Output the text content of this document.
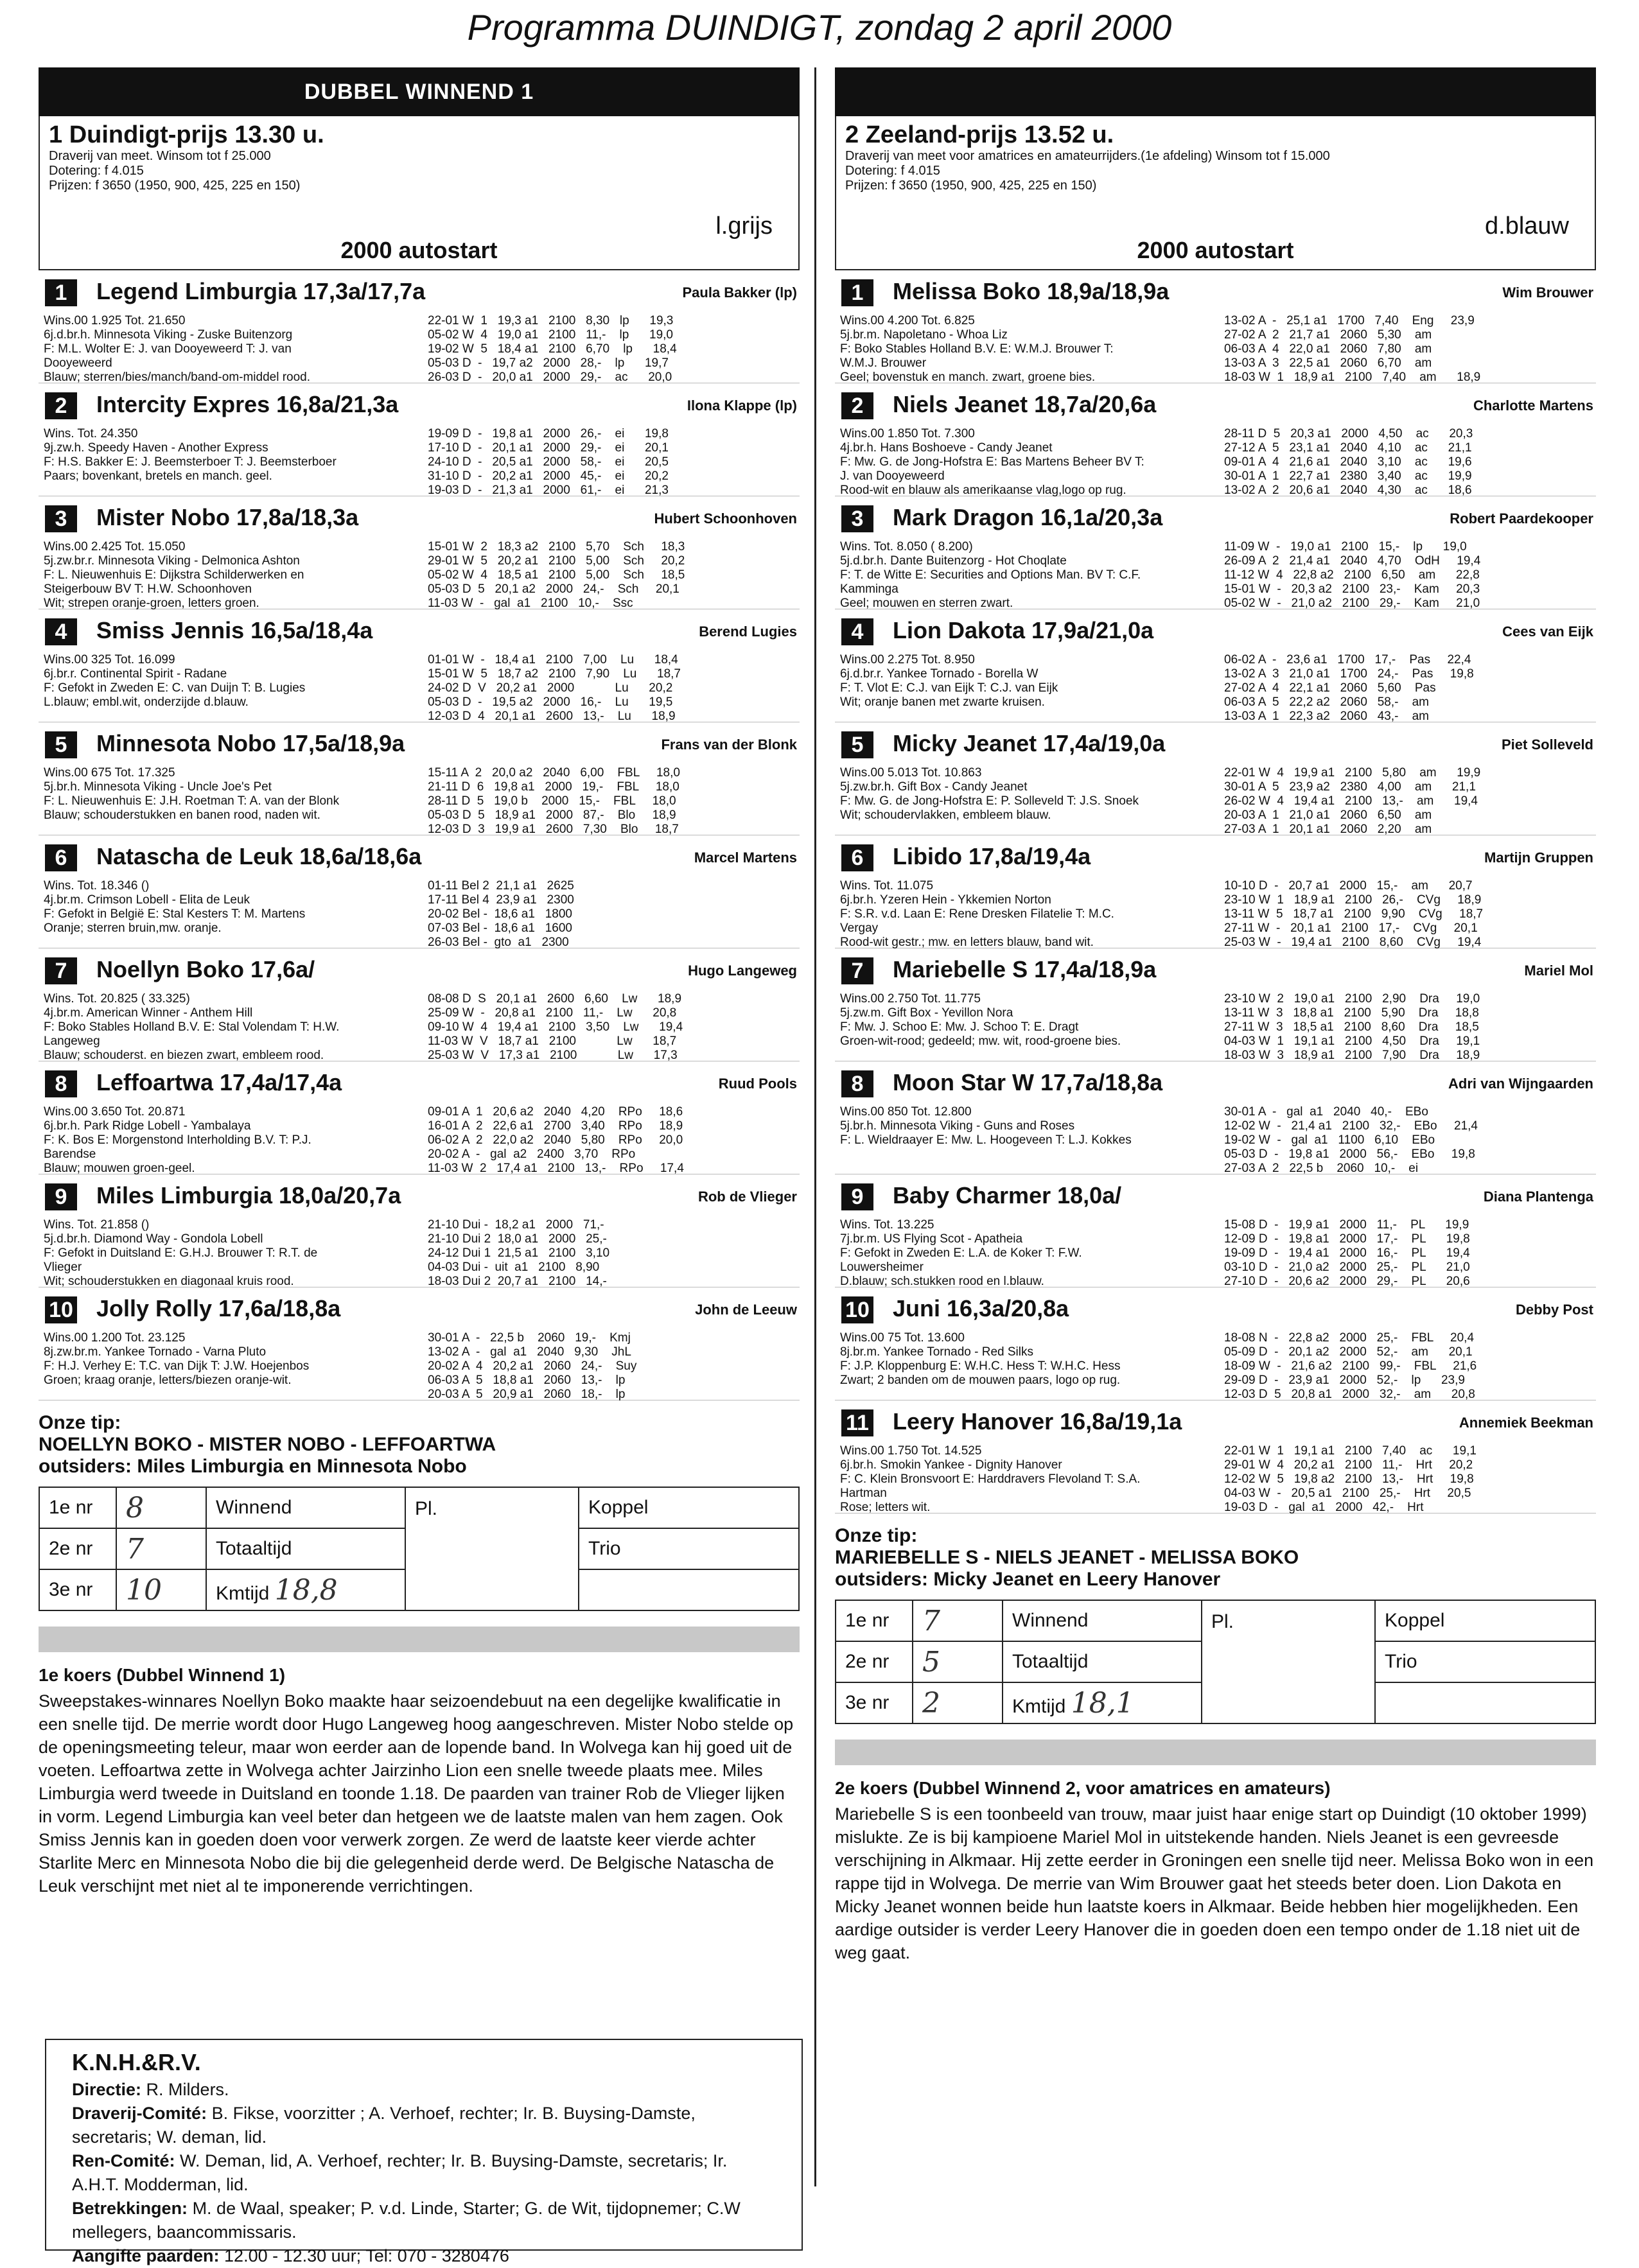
Programma DUINDIGT, zondag 2 april 2000
DUBBEL WINNEND 1
1 Duindigt-prijs 13.30 u.
Draverij van meet. Winsom tot f 25.000
Dotering: f 4.015
Prijzen: f 3650 (1950, 900, 425, 225 en 150)
l.grijs
2000 autostart
1	Legend Limburgia 17,3a/17,7a	Paula Bakker (lp)
Wins.00 1.925 Tot. 21.650
6j.d.br.h. Minnesota Viking - Zuske Buitenzorg
F: M.L. Wolter E: J. van Dooyeweerd T: J. van
Dooyeweerd
Blauw; sterren/bies/manch/band-om-middel rood.
22-01 W  1   19,3 a1   2100   8,30   lp      19,3
05-02 W  4   19,0 a1   2100   11,-    lp      19,0
19-02 W  5   18,4 a1   2100   6,70    lp      18,4
05-03 D  -   19,7 a2   2000   28,-    lp      19,7
26-03 D  -   20,0 a1   2000   29,-    ac      20,0
2	Intercity Expres 16,8a/21,3a	Ilona Klappe (lp)
Wins. Tot. 24.350
9j.zw.h. Speedy Haven - Another Express
F: H.S. Bakker E: J. Beemsterboer T: J. Beemsterboer
Paars; bovenkant, bretels en manch. geel.
19-09 D  -   19,8 a1   2000   26,-    ei      19,8
17-10 D  -   20,1 a1   2000   29,-    ei      20,1
24-10 D  -   20,5 a1   2000   58,-    ei      20,5
31-10 D  -   20,2 a1   2000   45,-    ei      20,2
19-03 D  -   21,3 a1   2000   61,-    ei      21,3
3	Mister Nobo 17,8a/18,3a	Hubert Schoonhoven
Wins.00 2.425 Tot. 15.050
5j.zw.br.r. Minnesota Viking - Delmonica Ashton
F: L. Nieuwenhuis E: Dijkstra Schilderwerken en
Steigerbouw BV T: H.W. Schoonhoven
Wit; strepen oranje-groen, letters groen.
15-01 W  2   18,3 a2   2100   5,70    Sch     18,3
29-01 W  5   20,2 a1   2100   5,00    Sch     20,2
05-02 W  4   18,5 a1   2100   5,00    Sch     18,5
05-03 D  5   20,1 a2   2000   24,-    Sch     20,1
11-03 W  -   gal  a1   2100   10,-    Ssc
4	Smiss Jennis 16,5a/18,4a	Berend Lugies
Wins.00 325 Tot. 16.099
6j.br.r. Continental Spirit - Radane
F: Gefokt in Zweden E: C. van Duijn T: B. Lugies
L.blauw; embl.wit, onderzijde d.blauw.
01-01 W  -   18,4 a1   2100   7,00    Lu      18,4
15-01 W  5   18,7 a2   2100   7,90    Lu      18,7
24-02 D  V   20,2 a1   2000            Lu      20,2
05-03 D  -   19,5 a2   2000   16,-    Lu      19,5
12-03 D  4   20,1 a1   2600   13,-    Lu      18,9
5	Minnesota Nobo 17,5a/18,9a	Frans van der Blonk
Wins.00 675 Tot. 17.325
5j.br.h. Minnesota Viking - Uncle Joe's Pet
F: L. Nieuwenhuis E: J.H. Roetman T: A. van der Blonk
Blauw; schouderstukken en banen rood, naden wit.
15-11 A  2   20,0 a2   2040   6,00    FBL     18,0
21-11 D  6   19,8 a1   2000   19,-    FBL     18,0
28-11 D  5   19,0 b    2000   15,-    FBL     18,0
05-03 D  5   18,9 a1   2000   87,-    Blo     18,9
12-03 D  3   19,9 a1   2600   7,30    Blo     18,7
6	Natascha de Leuk 18,6a/18,6a	Marcel Martens
Wins. Tot. 18.346 ()
4j.br.m. Crimson Lobell - Elita de Leuk
F: Gefokt in België E: Stal Kesters T: M. Martens
Oranje; sterren bruin,mw. oranje.
01-11 Bel 2  21,1 a1   2625
17-11 Bel 4  23,9 a1   2300
20-02 Bel -  18,6 a1   1800
07-03 Bel -  18,6 a1   1600
26-03 Bel -  gto  a1   2300
7	Noellyn Boko 17,6a/	Hugo Langeweg
Wins. Tot. 20.825 ( 33.325)
4j.br.m. American Winner - Anthem Hill
F: Boko Stables Holland B.V. E: Stal Volendam T: H.W.
Langeweg
Blauw; schouderst. en biezen zwart, embleem rood.
08-08 D  S   20,1 a1   2600   6,60    Lw      18,9
25-09 W  -   20,8 a1   2100   11,-    Lw      20,8
09-10 W  4   19,4 a1   2100   3,50    Lw      19,4
11-03 W  V   18,7 a1   2100            Lw      18,7
25-03 W  V   17,3 a1   2100            Lw      17,3
8	Leffoartwa 17,4a/17,4a	Ruud Pools
Wins.00 3.650 Tot. 20.871
6j.br.h. Park Ridge Lobell - Yambalaya
F: K. Bos E: Morgenstond Interholding B.V. T: P.J.
Barendse
Blauw; mouwen groen-geel.
09-01 A  1   20,6 a2   2040   4,20    RPo     18,6
16-01 A  2   22,6 a1   2700   3,40    RPo     18,9
06-02 A  2   22,0 a2   2040   5,80    RPo     20,0
20-02 A  -   gal  a2   2400   3,70    RPo
11-03 W  2   17,4 a1   2100   13,-    RPo     17,4
9	Miles Limburgia 18,0a/20,7a	Rob de Vlieger
Wins. Tot. 21.858 ()
5j.d.br.h. Diamond Way - Gondola Lobell
F: Gefokt in Duitsland E: G.H.J. Brouwer T: R.T. de
Vlieger
Wit; schouderstukken en diagonaal kruis rood.
21-10 Dui -  18,2 a1   2000   71,-
21-10 Dui 2  18,0 a1   2000   25,-
24-12 Dui 1  21,5 a1   2100   3,10
04-03 Dui -  uit  a1   2100   8,90
18-03 Dui 2  20,7 a1   2100   14,-
10 Jolly Rolly 17,6a/18,8a	John de Leeuw
Wins.00 1.200 Tot. 23.125
8j.zw.br.m. Yankee Tornado - Varna Pluto
F: H.J. Verhey E: T.C. van Dijk T: J.W. Hoejenbos
Groen; kraag oranje, letters/biezen oranje-wit.
30-01 A  -   22,5 b    2060   19,-    Kmj
13-02 A  -   gal  a1   2040   9,30    JhL
20-02 A  4   20,2 a1   2060   24,-    Suy
06-03 A  5   18,8 a1   2060   13,-    lp
20-03 A  5   20,9 a1   2060   18,-    lp
Onze tip:
NOELLYN BOKO - MISTER NOBO - LEFFOARTWA
outsiders: Miles Limburgia en Minnesota Nobo
1e nr	8	Winnend	Pl.	Koppel
2e nr	7	Totaaltijd		Trio
3e nr	10	Kmtijd 18,8		
1e koers (Dubbel Winnend 1)
Sweepstakes-winnares Noellyn Boko maakte haar seizoendebuut na een degelijke kwalificatie in een snelle tijd. De merrie wordt door Hugo Langeweg hoog aangeschreven. Mister Nobo stelde op de openingsmeeting teleur, maar won eerder aan de lopende band. In Wolvega kan hij goed uit de voeten. Leffoartwa zette in Wolvega achter Jairzinho Lion een snelle tweede plaats mee. Miles Limburgia werd tweede in Duitsland en toonde 1.18. De paarden van trainer Rob de Vlieger lijken in vorm. Legend Limburgia kan veel beter dan hetgeen we de laatste malen van hem zagen. Ook Smiss Jennis kan in goeden doen voor verwerk zorgen. Ze werd de laatste keer vierde achter Starlite Merc en Minnesota Nobo die bij die gelegenheid derde werd. De Belgische Natascha de Leuk verschijnt met niet al te imponerende verrichtingen.
2 Zeeland-prijs 13.52 u.
Draverij van meet voor amatrices en amateurrijders.(1e afdeling) Winsom tot f 15.000
Dotering: f 4.015
Prijzen: f 3650 (1950, 900, 425, 225 en 150)
d.blauw
2000 autostart
1	Melissa Boko 18,9a/18,9a	Wim Brouwer
Wins.00 4.200 Tot. 6.825
5j.br.m. Napoletano - Whoa Liz
F: Boko Stables Holland B.V. E: W.M.J. Brouwer T:
W.M.J. Brouwer
Geel; bovenstuk en manch. zwart, groene bies.
13-02 A  -   25,1 a1   1700   7,40    Eng     23,9
27-02 A  2   21,7 a1   2060   5,30    am
06-03 A  4   22,0 a1   2060   7,80    am
13-03 A  3   22,5 a1   2060   6,70    am
18-03 W  1   18,9 a1   2100   7,40    am      18,9
2	Niels Jeanet 18,7a/20,6a	Charlotte Martens
Wins.00 1.850 Tot. 7.300
4j.br.h. Hans Boshoeve - Candy Jeanet
F: Mw. G. de Jong-Hofstra E: Bas Martens Beheer BV T:
J. van Dooyeweerd
Rood-wit en blauw als amerikaanse vlag,logo op rug.
28-11 D  5   20,3 a1   2000   4,50    ac      20,3
27-12 A  5   23,1 a1   2040   4,10    ac      21,1
09-01 A  4   21,6 a1   2040   3,10    ac      19,6
30-01 A  1   22,7 a1   2380   3,40    ac      19,9
13-02 A  2   20,6 a1   2040   4,30    ac      18,6
3	Mark Dragon 16,1a/20,3a	Robert Paardekooper
Wins. Tot. 8.050 ( 8.200)
5j.d.br.h. Dante Buitenzorg - Hot Choqlate
F: T. de Witte E: Securities and Options Man. BV T: C.F.
Kamminga
Geel; mouwen en sterren zwart.
11-09 W  -   19,0 a1   2100   15,-    lp      19,0
26-09 A  2   21,4 a1   2040   4,70    OdH     19,4
11-12 W  4   22,8 a2   2100   6,50    am      22,8
15-01 W  -   20,3 a2   2100   23,-    Kam     20,3
05-02 W  -   21,0 a2   2100   29,-    Kam     21,0
4	Lion Dakota 17,9a/21,0a	Cees van Eijk
Wins.00 2.275 Tot. 8.950
6j.d.br.r. Yankee Tornado - Borella W
F: T. Vlot E: C.J. van Eijk T: C.J. van Eijk
Wit; oranje banen met zwarte kruisen.
06-02 A  -   23,6 a1   1700   17,-    Pas     22,4
13-02 A  3   21,0 a1   1700   24,-    Pas     19,8
27-02 A  4   22,1 a1   2060   5,60    Pas
06-03 A  5   22,2 a2   2060   58,-    am
13-03 A  1   22,3 a2   2060   43,-    am
5	Micky Jeanet 17,4a/19,0a	Piet Solleveld
Wins.00 5.013 Tot. 10.863
5j.zw.br.h. Gift Box - Candy Jeanet
F: Mw. G. de Jong-Hofstra E: P. Solleveld T: J.S. Snoek
Wit; schoudervlakken, embleem blauw.
22-01 W  4   19,9 a1   2100   5,80    am      19,9
30-01 A  5   23,9 a2   2380   4,00    am      21,1
26-02 W  4   19,4 a1   2100   13,-    am      19,4
20-03 A  1   21,0 a1   2060   6,50    am
27-03 A  1   20,1 a1   2060   2,20    am
6	Libido 17,8a/19,4a	Martijn Gruppen
Wins. Tot. 11.075
6j.br.h. Yzeren Hein - Ykkemien Norton
F: S.R. v.d. Laan E: Rene Dresken Filatelie T: M.C.
Vergay
Rood-wit gestr.; mw. en letters blauw, band wit.
10-10 D  -   20,7 a1   2000   15,-    am      20,7
23-10 W  1   18,9 a1   2100   26,-    CVg     18,9
13-11 W  5   18,7 a1   2100   9,90    CVg     18,7
27-11 W  -   20,1 a1   2100   17,-    CVg     20,1
25-03 W  -   19,4 a1   2100   8,60    CVg     19,4
7	Mariebelle S 17,4a/18,9a	Mariel Mol
Wins.00 2.750 Tot. 11.775
5j.zw.m. Gift Box - Yevillon Nora
F: Mw. J. Schoo E: Mw. J. Schoo T: E. Dragt
Groen-wit-rood; gedeeld; mw. wit, rood-groene bies.
23-10 W  2   19,0 a1   2100   2,90    Dra     19,0
13-11 W  3   18,8 a1   2100   5,90    Dra     18,8
27-11 W  3   18,5 a1   2100   8,60    Dra     18,5
04-03 W  1   19,1 a1   2100   4,50    Dra     19,1
18-03 W  3   18,9 a1   2100   7,90    Dra     18,9
8	Moon Star W 17,7a/18,8a	Adri van Wijngaarden
Wins.00 850 Tot. 12.800
5j.br.h. Minnesota Viking - Guns and Roses
F: L. Wieldraayer E: Mw. L. Hoogeveen T: L.J. Kokkes
30-01 A  -   gal  a1   2040   40,-    EBo
12-02 W  -   21,4 a1   2100   32,-    EBo     21,4
19-02 W  -   gal  a1   1100   6,10    EBo
05-03 D  -   19,8 a1   2000   56,-    EBo     19,8
27-03 A  2   22,5 b    2060   10,-    ei
9	Baby Charmer 18,0a/	Diana Plantenga
Wins. Tot. 13.225
7j.br.m. US Flying Scot - Apatheia
F: Gefokt in Zweden E: L.A. de Koker T: F.W.
Louwersheimer
D.blauw; sch.stukken rood en l.blauw.
15-08 D  -   19,9 a1   2000   11,-    PL      19,9
12-09 D  -   19,8 a1   2000   17,-    PL      19,8
19-09 D  -   19,4 a1   2000   16,-    PL      19,4
03-10 D  -   21,0 a2   2000   25,-    PL      21,0
27-10 D  -   20,6 a2   2000   29,-    PL      20,6
10 Juni 16,3a/20,8a	Debby Post
Wins.00 75 Tot. 13.600
8j.br.m. Yankee Tornado - Red Silks
F: J.P. Kloppenburg E: W.H.C. Hess T: W.H.C. Hess
Zwart; 2 banden om de mouwen paars, logo op rug.
18-08 N  -   22,8 a2   2000   25,-    FBL     20,4
05-09 D  -   20,1 a2   2000   52,-    am      20,1
18-09 W  -   21,6 a2   2100   99,-    FBL     21,6
29-09 D  -   23,9 a1   2000   52,-    lp      23,9
12-03 D  5   20,8 a1   2000   32,-    am      20,8
11 Leery Hanover 16,8a/19,1a	Annemiek Beekman
Wins.00 1.750 Tot. 14.525
6j.br.h. Smokin Yankee - Dignity Hanover
F: C. Klein Bronsvoort E: Harddravers Flevoland T: S.A.
Hartman
Rose; letters wit.
22-01 W  1   19,1 a1   2100   7,40    ac      19,1
29-01 W  4   20,2 a1   2100   11,-    Hrt     20,2
12-02 W  5   19,8 a2   2100   13,-    Hrt     19,8
04-03 W  -   20,5 a1   2100   25,-    Hrt     20,5
19-03 D  -   gal  a1   2000   42,-    Hrt
Onze tip:
MARIEBELLE S - NIELS JEANET - MELISSA BOKO
outsiders: Micky Jeanet en Leery Hanover
1e nr	7	Winnend	Pl.	Koppel
2e nr	5	Totaaltijd		Trio
3e nr	2	Kmtijd 18,1		
2e koers (Dubbel Winnend 2, voor amatrices en amateurs)
Mariebelle S is een toonbeeld van trouw, maar juist haar enige start op Duindigt (10 oktober 1999) mislukte. Ze is bij kampioene Mariel Mol in uitstekende handen. Niels Jeanet is een gevreesde verschijning in Alkmaar. Hij zette eerder in Groningen een snelle tijd neer. Melissa Boko won in een rappe tijd in Wolvega. De merrie van Wim Brouwer gaat het steeds beter doen. Lion Dakota en Micky Jeanet wonnen beide hun laatste koers in Alkmaar. Beide hebben hier mogelijkheden. Een aardige outsider is verder Leery Hanover die in goeden doen een tempo onder de 1.18 niet uit de weg gaat.
K.N.H.&R.V.
Directie: R. Milders.
Draverij-Comité: B. Fikse, voorzitter ; A. Verhoef, rechter; Ir. B. Buysing-Damste, secretaris; W. deman, lid.
Ren-Comité: W. Deman, lid, A. Verhoef, rechter; Ir. B. Buysing-Damste, secretaris; Ir. A.H.T. Modderman, lid.
Betrekkingen: M. de Waal, speaker; P. v.d. Linde, Starter; G. de Wit, tijdopnemer; C.W mellegers, baancommissaris.
Aangifte paarden: 12.00 - 12.30 uur; Tel: 070 - 3280476
